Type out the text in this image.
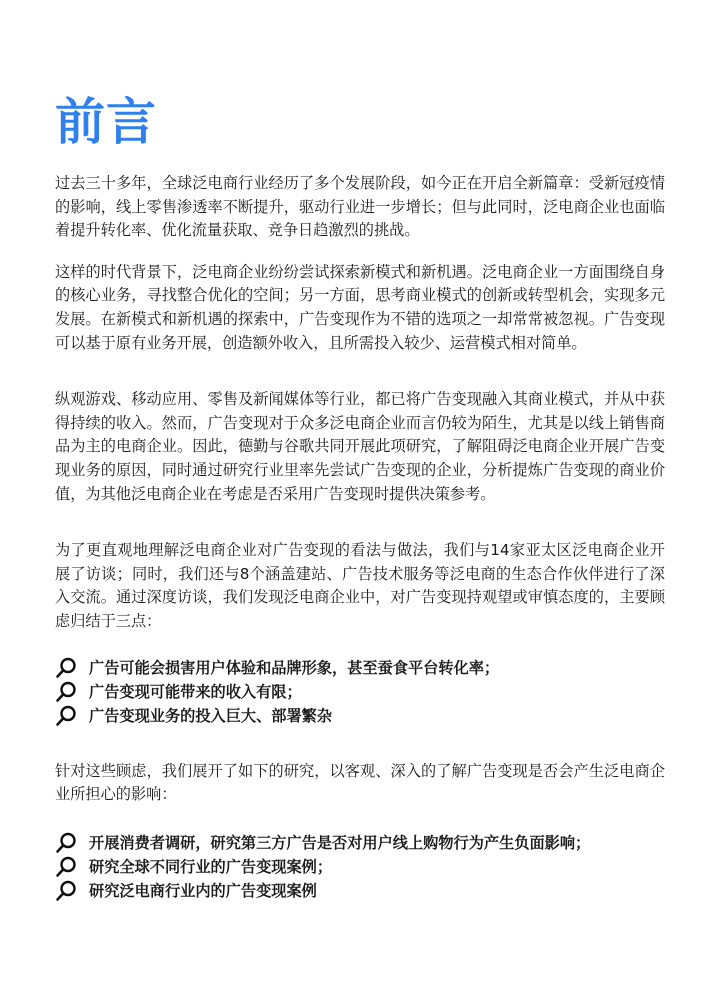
前言

过去三十多年，全球泛电商行业经历了多个发展阶段，如今正在开启全新篇章：受新冠疫情的影响，线上零售渗透率不断提升，驱动行业进一步增长；但与此同时，泛电商企业也面临着提升转化率、优化流量获取、竞争日趋激烈的挑战。

这样的时代背景下，泛电商企业纷纷尝试探索新模式和新机遇。泛电商企业一方面围绕自身的核心业务，寻找整合优化的空间；另一方面，思考商业模式的创新或转型机会，实现多元发展。在新模式和新机遇的探索中，广告变现作为不错的选项之一却常常被忽视。广告变现可以基于原有业务开展，创造额外收入，且所需投入较少、运营模式相对简单。

纵观游戏、移动应用、零售及新闻媒体等行业，都已将广告变现融入其商业模式，并从中获得持续的收入。然而，广告变现对于众多泛电商企业而言仍较为陌生，尤其是以线上销售商品为主的电商企业。因此，德勤与谷歌共同开展此项研究，了解阻碍泛电商企业开展广告变现业务的原因，同时通过研究行业里率先尝试广告变现的企业，分析提炼广告变现的商业价值，为其他泛电商企业在考虑是否采用广告变现时提供决策参考。

为了更直观地理解泛电商企业对广告变现的看法与做法，我们与14家亚太区泛电商企业开展了访谈；同时，我们还与8个涵盖建站、广告技术服务等泛电商的生态合作伙伴进行了深入交流。通过深度访谈，我们发现泛电商企业中，对广告变现持观望或审慎态度的，主要顾虑归结于三点：

广告可能会损害用户体验和品牌形象，甚至蚕食平台转化率；
广告变现可能带来的收入有限；
广告变现业务的投入巨大、部署繁杂

针对这些顾虑，我们展开了如下的研究，以客观、深入的了解广告变现是否会产生泛电商企业所担心的影响：

开展消费者调研，研究第三方广告是否对用户线上购物行为产生负面影响；
研究全球不同行业的广告变现案例；
研究泛电商行业内的广告变现案例
